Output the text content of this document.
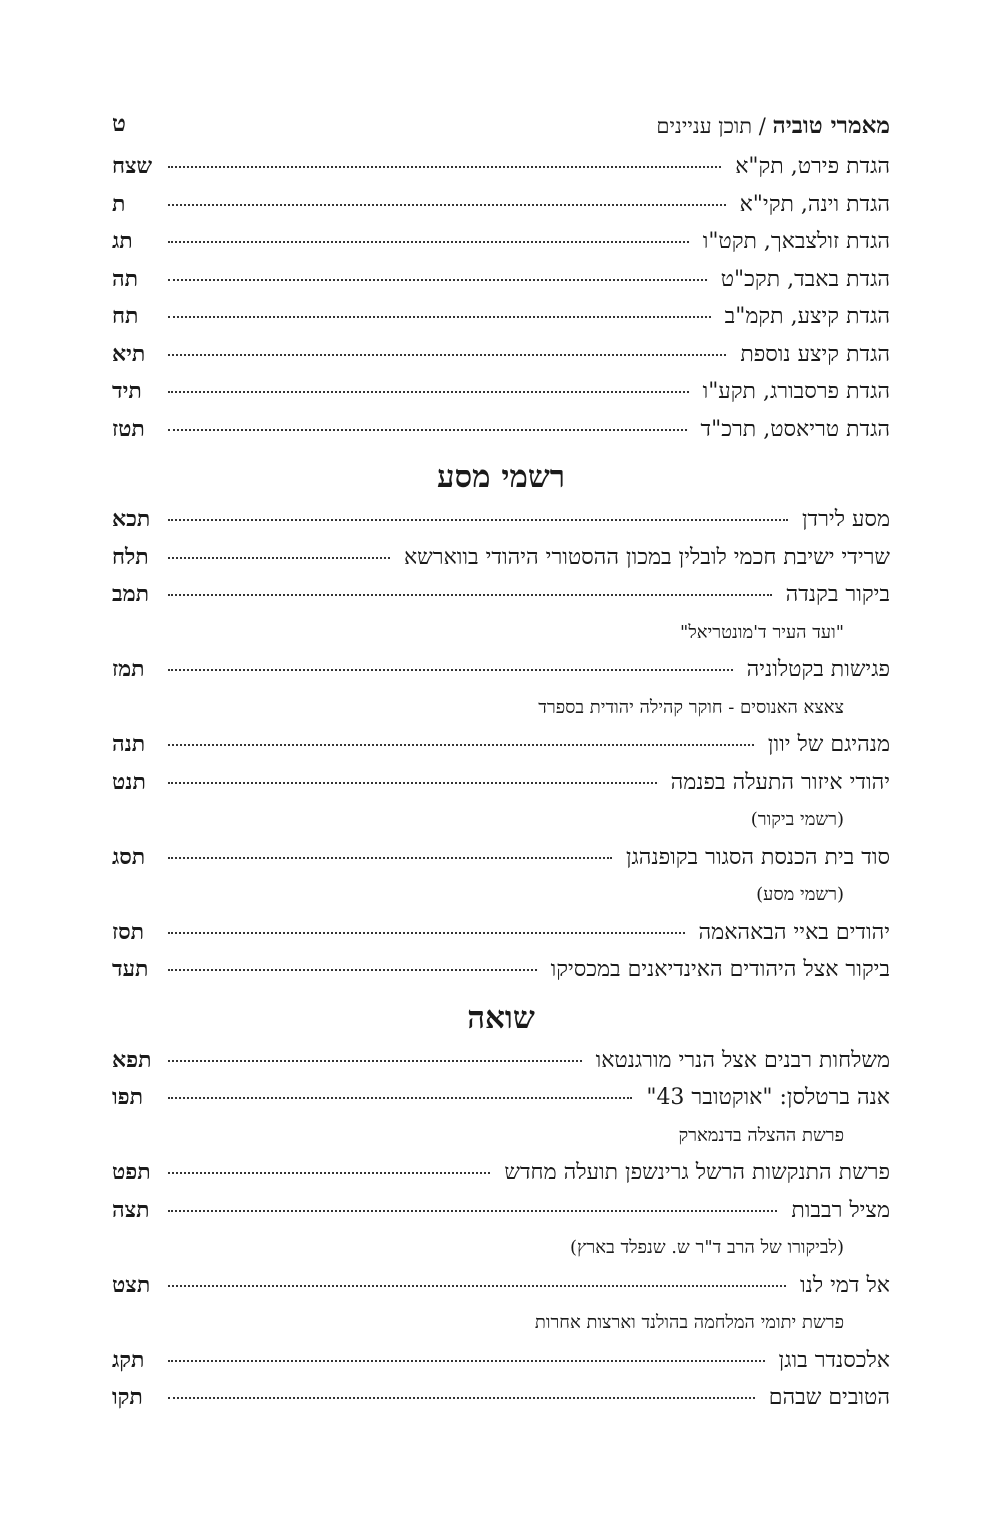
מאמרי טוביה / תוכן עניינים
ט
הגדת פירט, תק"א
שצח
הגדת וינה, תקי"א
ת
הגדת זולצבאך, תקט"ו
תג
הגדת באבד, תקכ"ט
תה
הגדת קיצע, תקמ"ב
תח
הגדת קיצע נוספת
תיא
הגדת פרסבורג, תקע"ו
תיד
הגדת טריאסט, תרכ"ד
תטז
רשמי מסע
מסע לירדן
תכא
שרידי ישיבת חכמי לובלין במכון ההסטורי היהודי בווארשא
תלח
ביקור בקנדה
תמב
"ועד העיר ד'מונטריאל"
פגישות בקטלוניה
תמז
צאצא האנוסים - חוקר קהילה יהודית בספרד
מנהיגם של יוון
תנה
יהודי איזור התעלה בפנמה
תנט
(רשמי ביקור)
סוד בית הכנסת הסגור בקופנהגן
תסג
(רשמי מסע)
יהודים באיי הבאהאמה
תסז
ביקור אצל היהודים האינדיאנים במכסיקו
תעד
שואה
משלחות רבנים אצל הנרי מורגנטאו
תפא
אנה ברטלסן: "אוקטובר 43"
תפו
פרשת ההצלה בדנמארק
פרשת התנקשות הרשל גרינשפן תועלה מחדש
תפט
מציל רבבות
תצה
(לביקורו של הרב ד"ר ש. שנפלד בארץ)
אל דמי לנו
תצט
פרשת יתומי המלחמה בהולנד וארצות אחרות
אלכסנדר בוגן
תקג
הטובים שבהם
תקו
